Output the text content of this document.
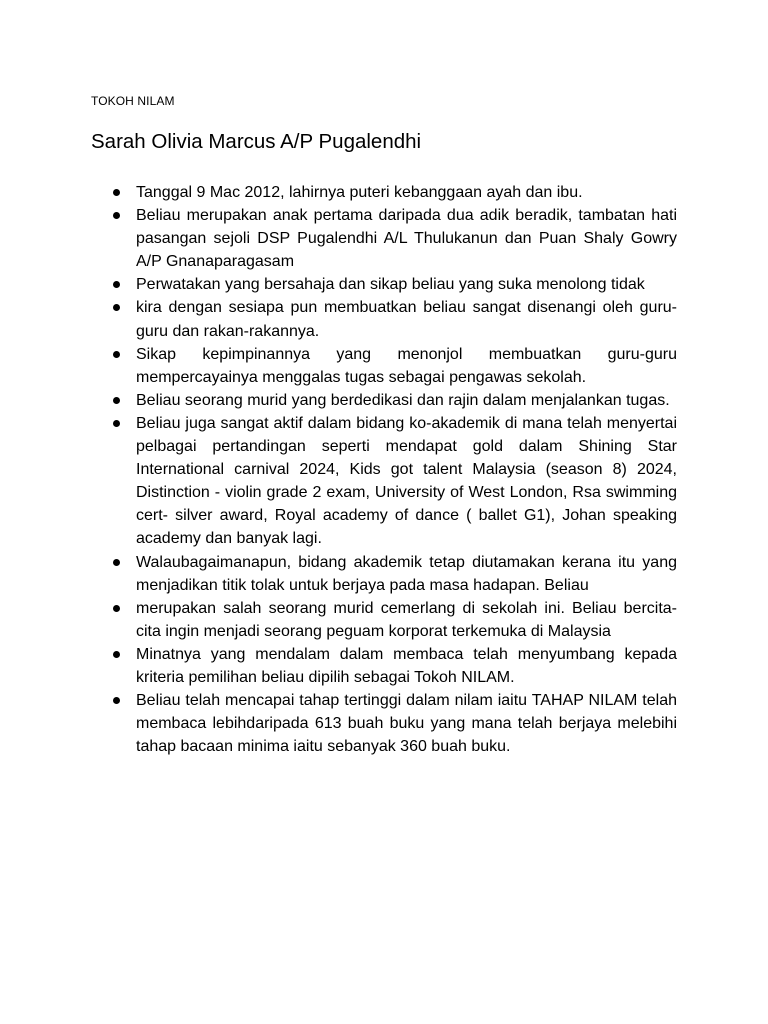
TOKOH NILAM
Sarah Olivia Marcus A/P Pugalendhi
Tanggal 9 Mac 2012, lahirnya puteri kebanggaan ayah dan ibu.
Beliau merupakan anak pertama daripada dua adik beradik, tambatan hati pasangan sejoli DSP Pugalendhi A/L Thulukanun dan Puan Shaly Gowry A/P Gnanaparagasam
Perwatakan yang bersahaja dan sikap beliau yang suka menolong tidak
kira dengan sesiapa pun membuatkan beliau sangat disenangi oleh guru-guru dan rakan-rakannya.
Sikap kepimpinannya yang menonjol membuatkan guru-guru mempercayainya menggalas tugas sebagai pengawas sekolah.
Beliau seorang murid yang berdedikasi dan rajin dalam menjalankan tugas.
Beliau juga sangat aktif dalam bidang ko-akademik di mana telah menyertai pelbagai pertandingan seperti mendapat gold dalam Shining Star International carnival 2024, Kids got talent Malaysia (season 8) 2024, Distinction - violin grade 2 exam, University of West London, Rsa swimming cert- silver award, Royal academy of dance ( ballet G1), Johan speaking academy dan banyak lagi.
Walaubagaimanapun, bidang akademik tetap diutamakan kerana itu yang menjadikan titik tolak untuk berjaya pada masa hadapan. Beliau
merupakan salah seorang murid cemerlang di sekolah ini. Beliau bercita-cita ingin menjadi seorang peguam korporat terkemuka di Malaysia
Minatnya yang mendalam dalam membaca telah menyumbang kepada kriteria pemilihan beliau dipilih sebagai Tokoh NILAM.
Beliau telah mencapai tahap tertinggi dalam nilam iaitu TAHAP NILAM telah membaca lebihdaripada 613 buah buku yang mana telah berjaya melebihi tahap bacaan minima iaitu sebanyak 360 buah buku.
